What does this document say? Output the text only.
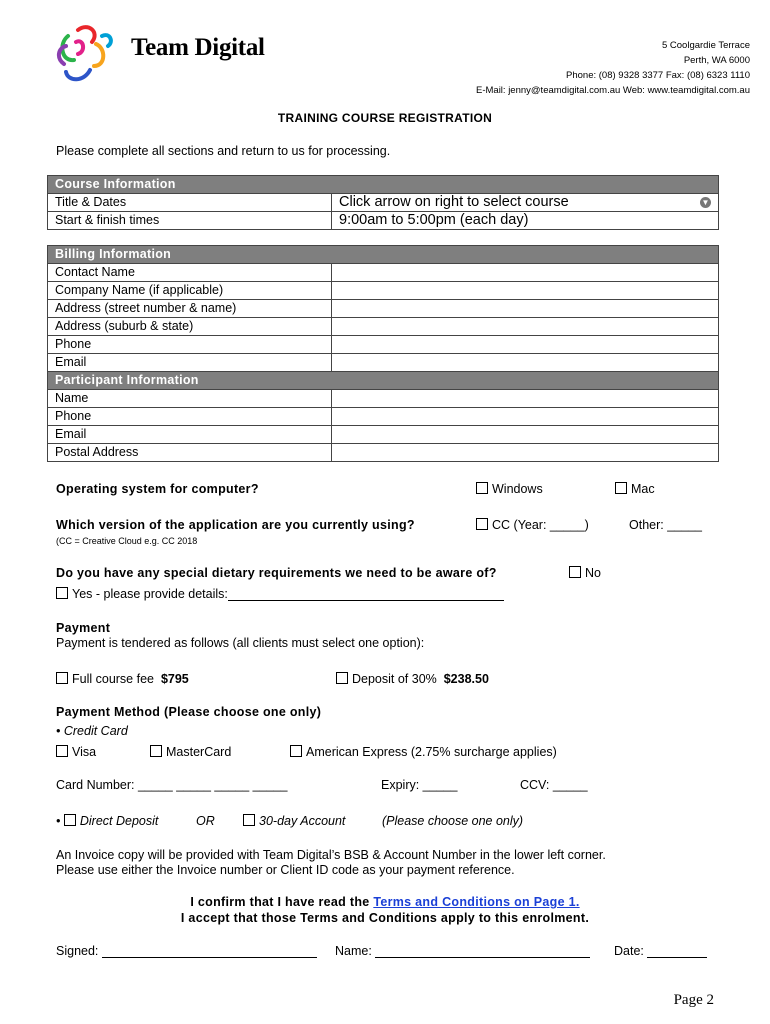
Team Digital	5 Coolgardie Terrace
Perth, WA 6000
Phone: (08) 9328 3377 Fax: (08) 6323 1110
E-Mail: jenny@teamdigital.com.au Web: www.teamdigital.com.au
TRAINING COURSE REGISTRATION
Please complete all sections and return to us for processing.
Course Information	
Title & Dates	Click arrow on right to select course ▼

Start & finish times	9:00am to 5:00pm (each day)
Billing Information	
Contact Name	
Company Name (if applicable)	
Address (street number & name)	
Address (suburb & state)	
Phone	
Email	
Participant Information	
Name	
Phone	
Email	
Postal Address	
Operating system for computer?	Windows	Mac
Which version of the application are you currently using?	CC (Year: _____)	Other: _____
(CC = Creative Cloud e.g. CC 2018
Do you have any special dietary requirements we need to be aware of?	No
Yes - please provide details:
Payment
Payment is tendered as follows (all clients must select one option):
Full course fee $795	Deposit of 30% $238.50
Payment Method (Please choose one only)
• Credit Card
Visa	MasterCard	American Express (2.75% surcharge applies)
Card Number: _____ _____ _____ _____	Expiry: _____	CCV: _____
• Direct Deposit	OR	30-day Account	(Please choose one only)
An Invoice copy will be provided with Team Digital’s BSB & Account Number in the lower left corner.
Please use either the Invoice number or Client ID code as your payment reference.
I confirm that I have read the Terms and Conditions on Page 1.
I accept that those Terms and Conditions apply to this enrolment.
Signed:	Name:	Date:
Page 2
